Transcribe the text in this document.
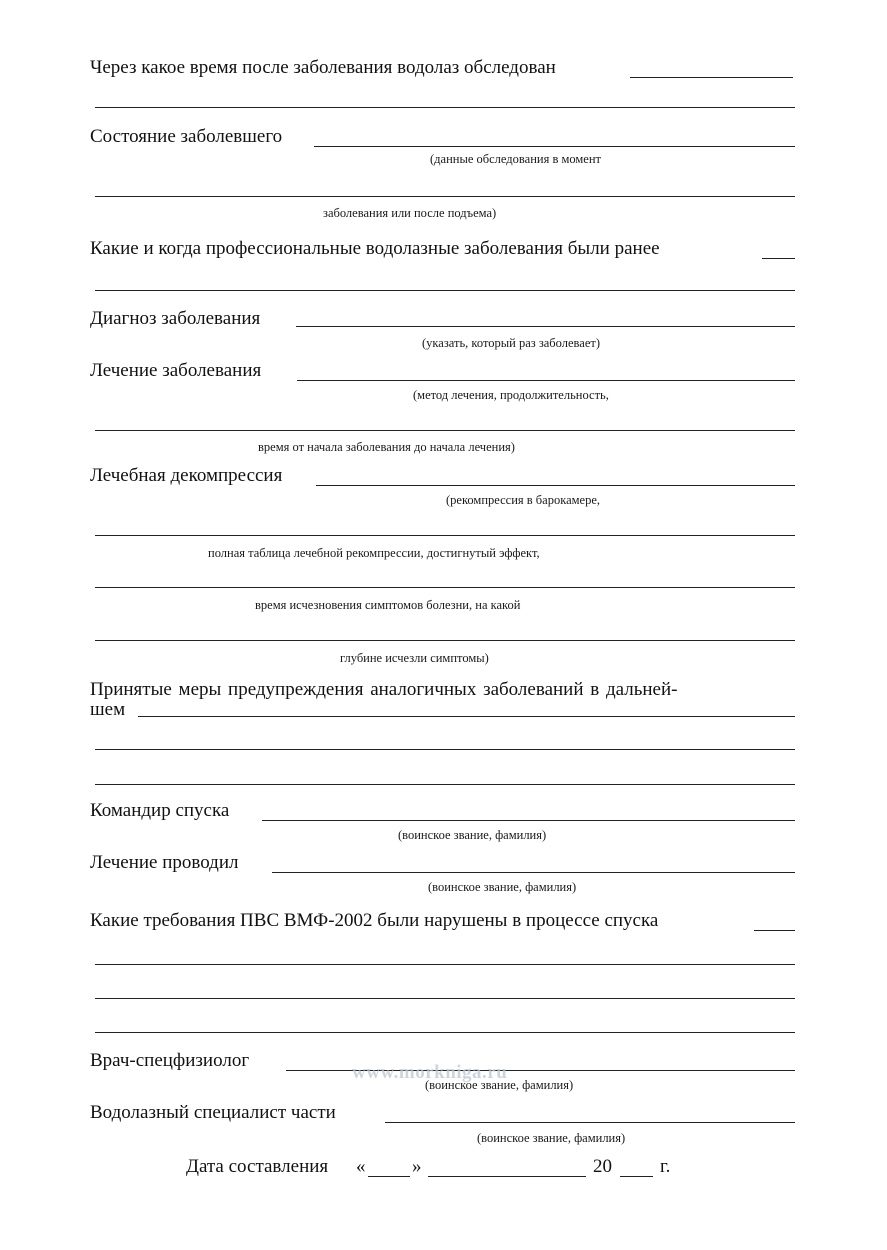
Через какое время после заболевания водолаз обследован
Состояние заболевшего
(данные обследования в момент
заболевания или после подъема)
Какие и когда профессиональные водолазные заболевания были ранее
Диагноз заболевания
(указать, который раз заболевает)
Лечение заболевания
(метод лечения, продолжительность,
время от начала заболевания до начала лечения)
Лечебная декомпрессия
(рекомпрессия в барокамере,
полная таблица лечебной рекомпрессии, достигнутый эффект,
время исчезновения симптомов болезни, на какой
глубине исчезли симптомы)
Принятые меры предупреждения аналогичных заболеваний в дальней-
шем
Командир спуска
(воинское звание, фамилия)
Лечение проводил
(воинское звание, фамилия)
Какие требования ПВС ВМФ-2002 были нарушены в процессе спуска
Врач-спецфизиолог
www.morkniga.ru
(воинское звание, фамилия)
Водолазный специалист части
(воинское звание, фамилия)
Дата составления « »	20	г.
